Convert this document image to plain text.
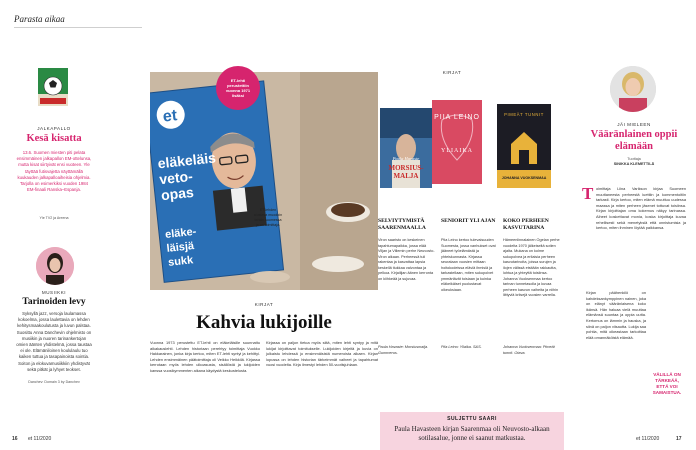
Parasta aikaa
JALKAPALLO
Kesä kisatta
13.6. Suomen miesten piti pelata ensimmäinen jalkapallon EM-ottelunsa, mutta kisat siirtyivät ensi vuoteen. Yle täyttää futisvajetta näyttämällä kuukauden jalkapalloaiheisia ohjelmia. Tarjolla on esimerkiksi vuoden 1984 EM-finaali Ranska–Espanja.
Yle TV2 ja Areena
MUSIIKKI
Tarinoiden levy
Syksyllä jazz, versoja laulamassa kokoelma, jossa laulettavia on lehden kehitysmaakoulutusta ja luvun palstaa. Suosittu Anna Danchevin ohjelmisto on musiikin ja nuoren tarinankertojan omien äänten yhdistelmä, jossa taustaa ei ole. Elämäniloinen koululaulu tuo kaiken tuttua ja tasapainoista sointia. Soiton ja elokuvamusiikkiin yhdistyvät sekä pitkät ja lyhyet teokset.
Danchev: Domain 3 by Danchev
et
eläkeläis
veto-
opas
eläke-
läisjä
sukk
ET-lehti perustettiin vuonna 1971 lisäksi
ET-lehden alustava muodoin tehtiin suomessa ja on toimittaja.
KIRJAT
Kahvia lukijoille
Vuonna 1973 perustettu ET-lehti on eläkeläisille suunnattu aikakauslehti. Lehden historiaan perehtyy toimittaja Vuokko Hakkarainen, jonka kirja kertoo, miten ET-lehti syntyi ja kehittyi. Lehden ensimmäinen päätoimittaja oli Veikko Heikkilä. Kirjassa kerrotaan myös lehden ulkoasusta, sisällöstä ja lukijoiden kanssa vuosikymmenten aikana käydystä keskustelusta.
Kirjassa on paljon tietoa myös siitä, miten lehti syntyy ja mitä lukijat kirjoittavat toimitukselle. Lukijoiden kirjeitä ja kuvia on julkaistu lehdessä jo ensimmäisistä numeroista alkaen. Kirjan lopussa on lehden historian tärkeimmät vaiheet ja tapahtumat vuosi vuodelta. Kirja ilmestyi lehden 50-vuotisjuhlaan.
KIRJAT
Paula Havaste
MORSIUS-MALJA
PIIA LEINO
YLIAIKA
PIMEÄT TUNNIT
JOHANNA VUOKSENMAA
SELVIYTYMISTÄ SAARENMAALLA
Viron saaristo on keskeinen tapahtumapaikka, jossa elää Viljan ja Villemin perhe Neuvosto-Viron aikaan. Perheessä tuli rakentaa ja kasvattaa lapsia keskellä tiukkaa valvontaa ja pelkoa. Kirjailijan äänen kerronta on kiihkeää ja sujuvaa.
Paula Havaste: Morsiusmalja. Gummerus.
SENIORIT YLI AJAN
Piia Leino kertoo tulevaisuuden Suomesta, jossa vanhukset ovat jääneet työelämästä ja yhteiskunnasta. Kirjassa seurataan vuosien mittaan hoitokodeissa eläviä ihmisiä ja tarkastellaan, miten sukupolvet ymmärtävät toisiaan ja kuinka eläkeikäiset puolustavat oikeuksiaan.
Piia Leino: Yliaika. S&S.
KOKO PERHEEN KASVUTARINA
Hämeenlinnalainen Ogelan perhe vuodelta 1970 jälkeiseltä sotien ajalta. Mukana on kolme sukupolvea ja erilaisia perheen kasvutarinoita, joissa surujen ja ilojen välissä etsitään rakkautta, lohtua ja yhteyttä toisiinsa. Johanna Vuoksenmaa kertoo tarinan tunnetasolla ja kuvaa perheen kasvun vaiheita ja niihin liittyviä kriisejä vuosien varrella.
Johanna Vuoksenmaa: Pimeät tunnit. Otava.
SULJETTU SAARI
Paula Havasteen kirjan Saarenmaa oli Neuvosto-alkaan sotilasalue, jonne ei saanut matkustaa.
JÄI MIELEEN
Vääränlainen oppii elämään
Tuottaja
SINIKKA KLEMETTILÄ
T oimittaja Liina Varikson kirjaa Suomeen muuttaneesta perheestä luettiin ja kommentoitiin tarkasti. Kirja kertoo, miten elämä muuttuu uudessa maassa ja miten perheen jäsenet tottuvat toisiinsa. Kirjan kirjoittajan oma kokemus näkyy tarinassa. Aiheet koskettavat monia, koska kirjoittaja kuvaa rehellisesti sekä menetyksiä että onnistumisia ja kertoo, miten ihminen löytää paikkansa.
Kirjan päähenkilö on kahdeksankymppinen nainen, joka on elänyt vääränlaisena koko ikänsä. Hän haluaa vielä muuttaa elämänsä suuntaa ja oppia uutta. Kertomus on lämmin ja hauska, ja siinä on paljon viisautta. Lukija saa pohtia, mitä oikeastaan tarkoittaa elää omannäköistä elämää.
VÄLILLÄ ON TÄRKEÄÄ, ETTÄ VOI SAMAISTUA.
16 et 11/2020	et 11/2020	17
